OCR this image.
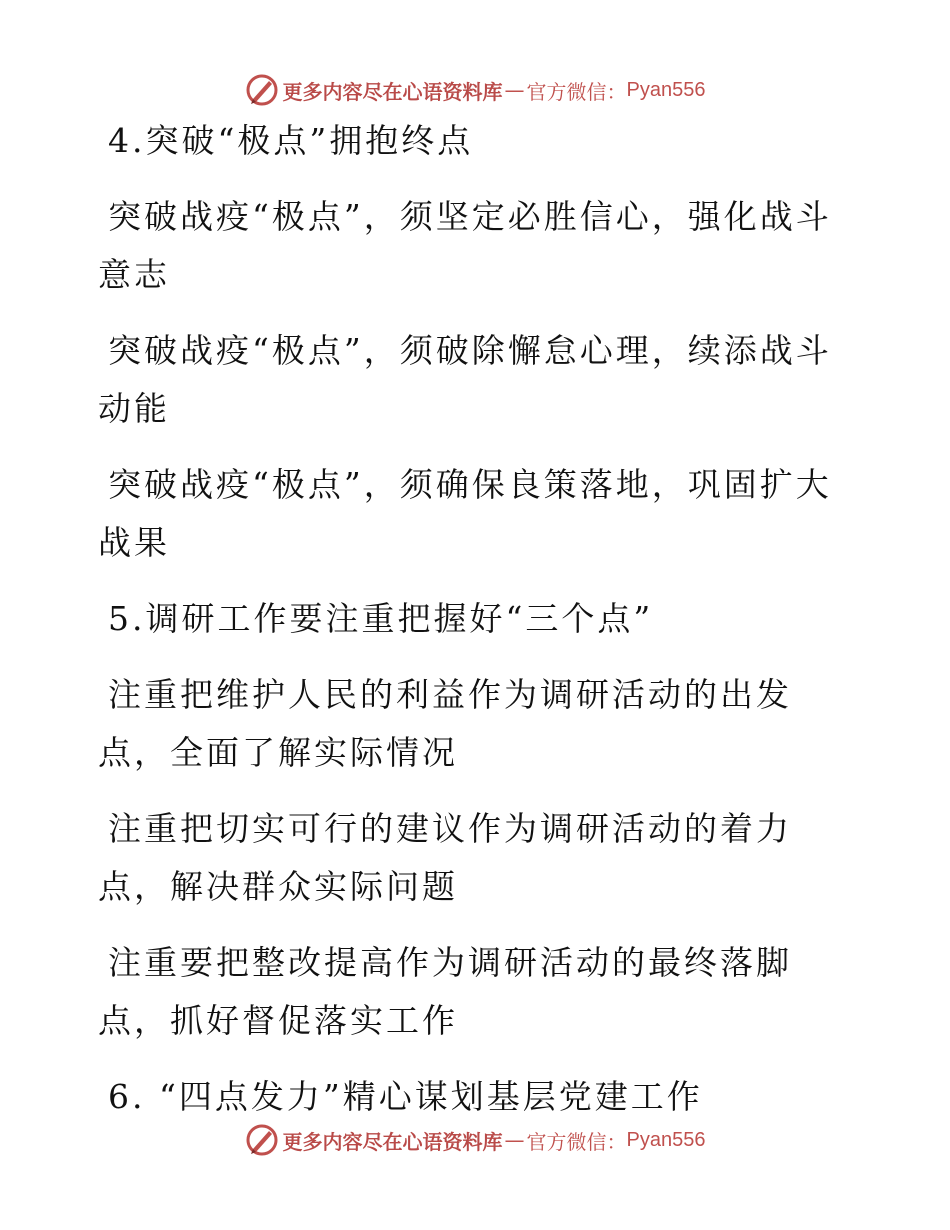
更多内容尽在心语资料库 — 官方微信： Pyan556

4.突破“极点”拥抱终点

突破战疫“极点”，须坚定必胜信心，强化战斗意志

突破战疫“极点”，须破除懈怠心理，续添战斗动能

突破战疫“极点”，须确保良策落地，巩固扩大战果

5.调研工作要注重把握好“三个点”

注重把维护人民的利益作为调研活动的出发点，全面了解实际情况

注重把切实可行的建议作为调研活动的着力点，解决群众实际问题

注重要把整改提高作为调研活动的最终落脚点，抓好督促落实工作

6. “四点发力”精心谋划基层党建工作

更多内容尽在心语资料库 — 官方微信： Pyan556
